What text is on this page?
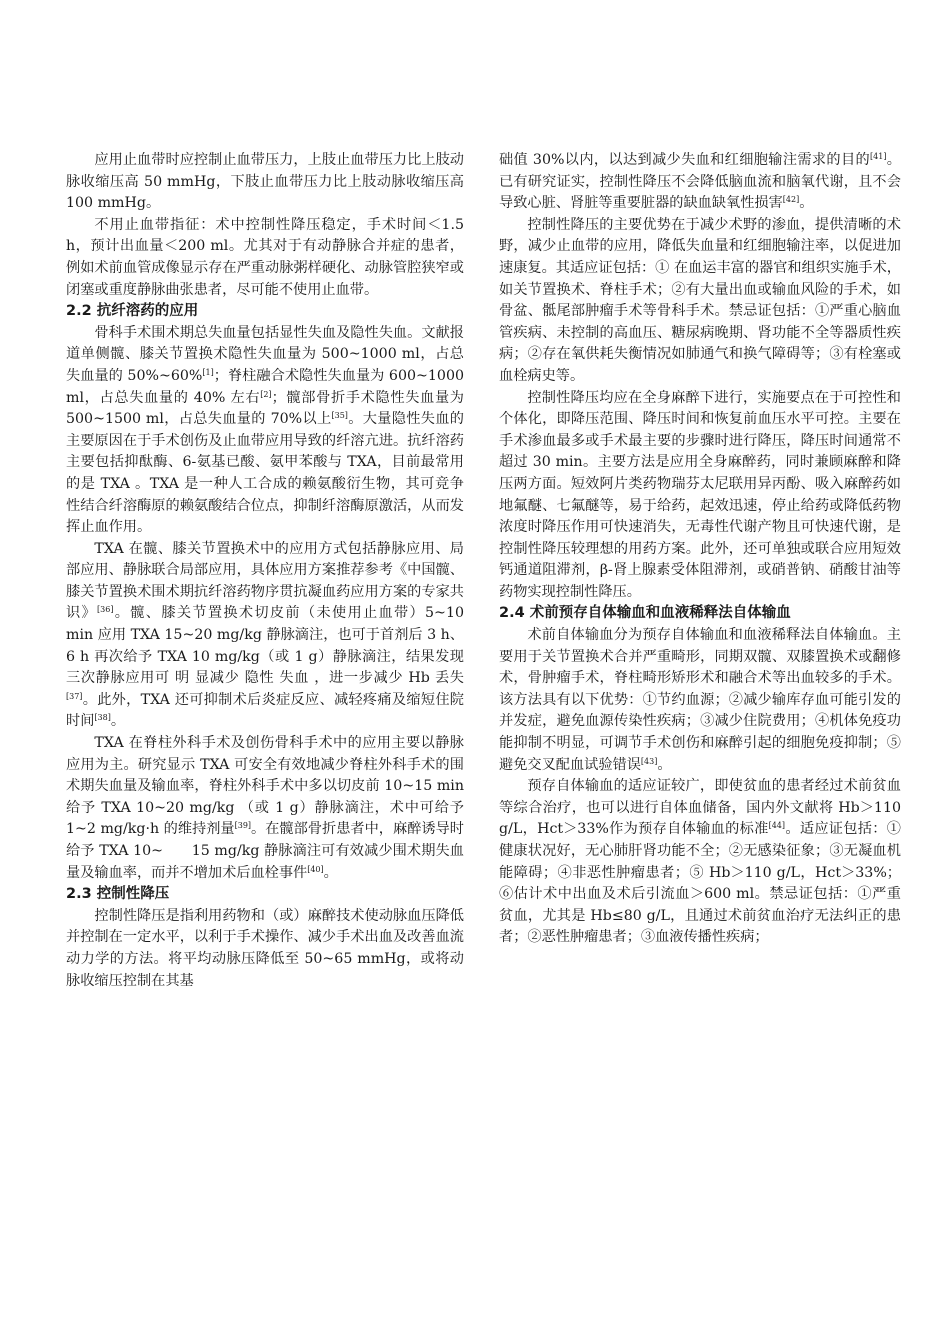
应用止血带时应控制止血带压力，上肢止血带压力比上肢动脉收缩压高 50 mmHg，下肢止血带压力比上肢动脉收缩压高 100 mmHg。

不用止血带指征：术中控制性降压稳定，手术时间＜1.5 h，预计出血量＜200 ml。尤其对于有动静脉合并症的患者，例如术前血管成像显示存在严重动脉粥样硬化、动脉管腔狭窄或闭塞或重度静脉曲张患者，尽可能不使用止血带。

2.2 抗纤溶药的应用

骨科手术围术期总失血量包括显性失血及隐性失血。文献报道单侧髋、膝关节置换术隐性失血量为 500~1000 ml，占总失血量的 50%~60%[1]；脊柱融合术隐性失血量为 600~1000 ml，占总失血量的 40% 左右[2]；髋部骨折手术隐性失血量为 500~1500 ml，占总失血量的 70%以上[35]。大量隐性失血的主要原因在于手术创伤及止血带应用导致的纤溶亢进。抗纤溶药主要包括抑酞酶、6-氨基已酸、氨甲苯酸与 TXA，目前最常用的是 TXA 。TXA 是一种人工合成的赖氨酸衍生物，其可竞争性结合纤溶酶原的赖氨酸结合位点，抑制纤溶酶原激活，从而发挥止血作用。

TXA 在髋、膝关节置换术中的应用方式包括静脉应用、局部应用、静脉联合局部应用，具体应用方案推荐参考《中国髋、膝关节置换术围术期抗纤溶药物序贯抗凝血药应用方案的专家共识》[36]。髋、膝关节置换术切皮前（未使用止血带）5~10 min 应用 TXA 15~20 mg/kg 静脉滴注，也可于首剂后 3 h、6 h 再次给予 TXA 10 mg/kg（或 1 g）静脉滴注，结果发现三次静脉应用可 明 显减少 隐性 失血 ，进一步减少 Hb 丢失[37]。此外，TXA 还可抑制术后炎症反应、减轻疼痛及缩短住院时间[38]。

TXA 在脊柱外科手术及创伤骨科手术中的应用主要以静脉应用为主。研究显示 TXA 可安全有效地减少脊柱外科手术的围术期失血量及输血率，脊柱外科手术中多以切皮前 10~15 min 给予 TXA 10~20 mg/kg （或 1 g）静脉滴注，术中可给予 1~2 mg/kg·h 的维持剂量[39]。在髋部骨折患者中，麻醉诱导时给予 TXA 10~　　15 mg/kg 静脉滴注可有效减少围术期失血量及输血率，而并不增加术后血栓事件[40]。

2.3 控制性降压

控制性降压是指利用药物和（或）麻醉技术使动脉血压降低并控制在一定水平，以利于手术操作、减少手术出血及改善血流动力学的方法。将平均动脉压降低至 50~65 mmHg，或将动脉收缩压控制在其基

础值 30%以内，以达到减少失血和红细胞输注需求的目的[41]。已有研究证实，控制性降压不会降低脑血流和脑氧代谢，且不会导致心脏、肾脏等重要脏器的缺血缺氧性损害[42]。

控制性降压的主要优势在于减少术野的渗血，提供清晰的术野，减少止血带的应用，降低失血量和红细胞输注率，以促进加速康复。其适应证包括：① 在血运丰富的器官和组织实施手术，如关节置换术、脊柱手术；②有大量出血或输血风险的手术，如骨盆、骶尾部肿瘤手术等骨科手术。禁忌证包括：①严重心脑血管疾病、未控制的高血压、糖尿病晚期、肾功能不全等器质性疾病；②存在氧供耗失衡情况如肺通气和换气障碍等；③有栓塞或血栓病史等。

控制性降压均应在全身麻醉下进行，实施要点在于可控性和个体化，即降压范围、降压时间和恢复前血压水平可控。主要在手术渗血最多或手术最主要的步骤时进行降压，降压时间通常不超过 30 min。主要方法是应用全身麻醉药，同时兼顾麻醉和降压两方面。短效阿片类药物瑞芬太尼联用异丙酚、吸入麻醉药如地氟醚、七氟醚等，易于给药，起效迅速，停止给药或降低药物浓度时降压作用可快速消失，无毒性代谢产物且可快速代谢，是控制性降压较理想的用药方案。此外，还可单独或联合应用短效钙通道阻滞剂，β-肾上腺素受体阻滞剂，或硝普钠、硝酸甘油等药物实现控制性降压。

2.4 术前预存自体输血和血液稀释法自体输血

术前自体输血分为预存自体输血和血液稀释法自体输血。主要用于关节置换术合并严重畸形，同期双髋、双膝置换术或翻修术，骨肿瘤手术，脊柱畸形矫形术和融合术等出血较多的手术。该方法具有以下优势：①节约血源；②减少输库存血可能引发的并发症，避免血源传染性疾病；③减少住院费用；④机体免疫功能抑制不明显，可调节手术创伤和麻醉引起的细胞免疫抑制；⑤避免交叉配血试验错误[43]。

预存自体输血的适应证较广，即使贫血的患者经过术前贫血等综合治疗，也可以进行自体血储备，国内外文献将 Hb＞110 g/L，Hct＞33%作为预存自体输血的标准[44]。适应证包括：①健康状况好，无心肺肝肾功能不全；②无感染征象；③无凝血机能障碍；④非恶性肿瘤患者；⑤ Hb＞110 g/L，Hct＞33%；⑥估计术中出血及术后引流血＞600 ml。禁忌证包括：①严重贫血，尤其是 Hb≤80 g/L，且通过术前贫血治疗无法纠正的患者；②恶性肿瘤患者；③血液传播性疾病；
